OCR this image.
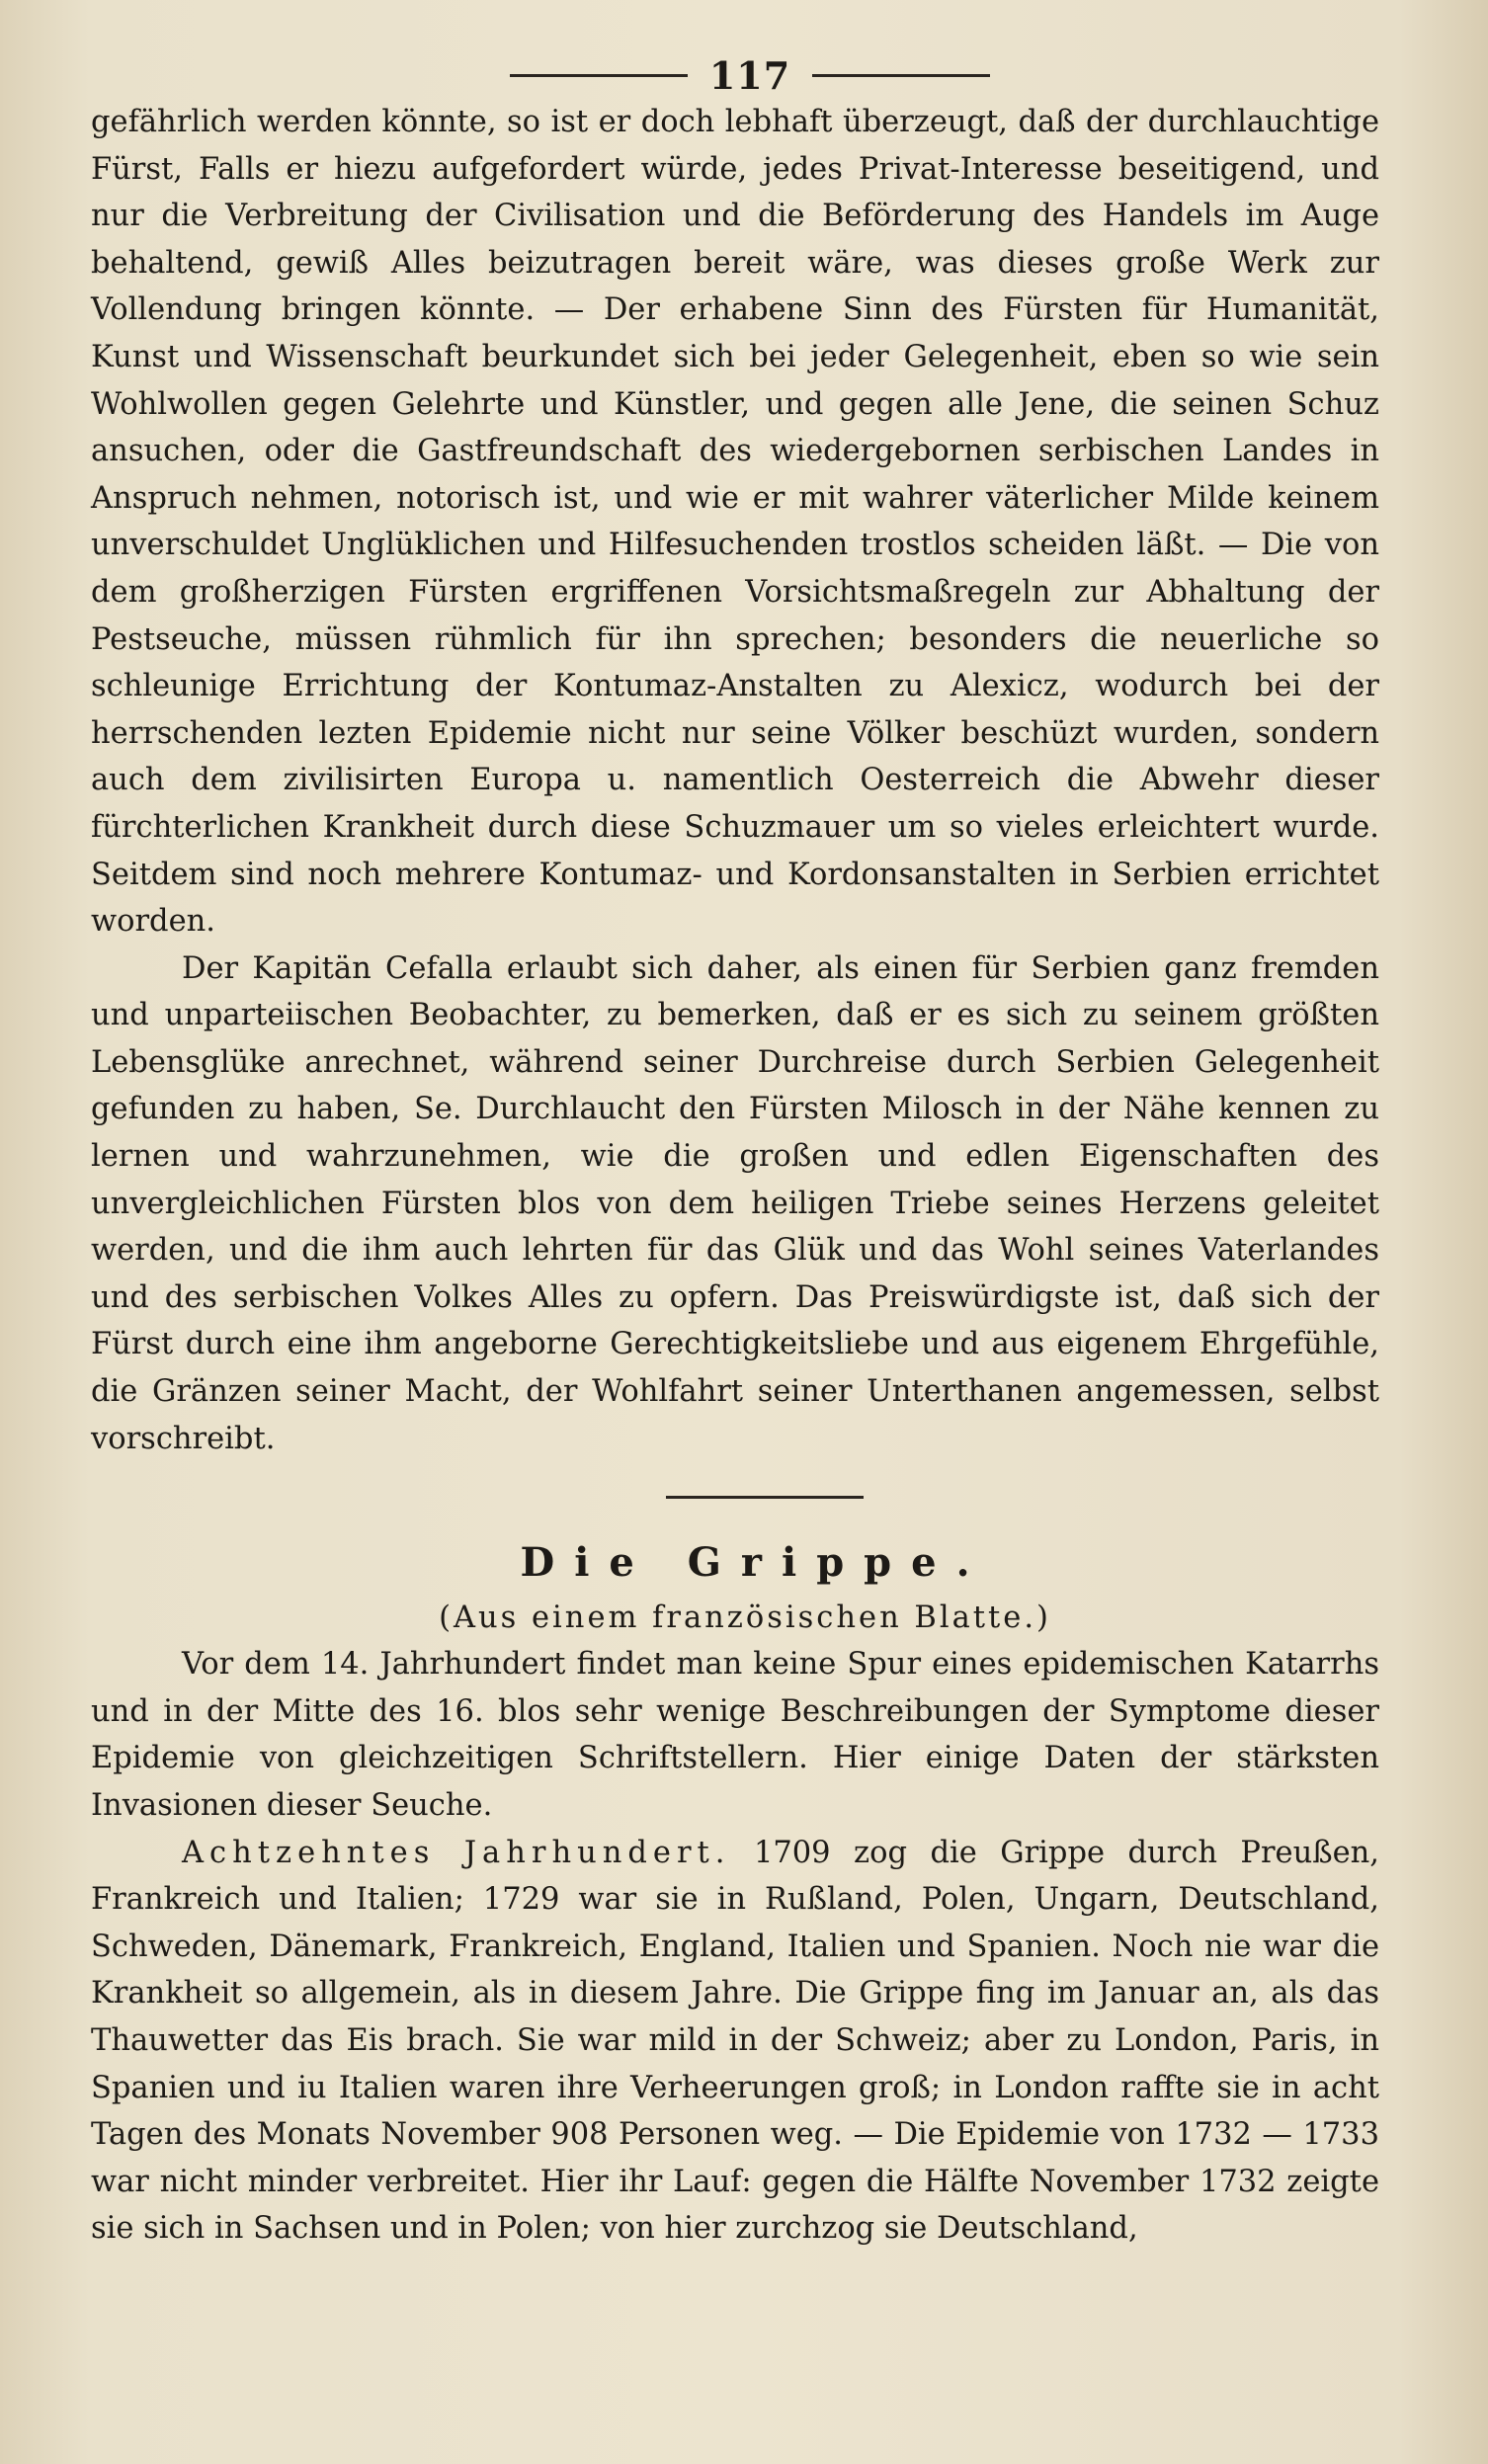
117

gefährlich werden könnte, so ist er doch lebhaft überzeugt, daß der durchlauchtige Fürst, Falls er hiezu aufgefordert würde, jedes Privat-Interesse beseitigend, und nur die Verbreitung der Civilisation und die Beförderung des Handels im Auge behaltend, gewiß Alles beizutragen bereit wäre, was dieses große Werk zur Vollendung bringen könnte. — Der erhabene Sinn des Fürsten für Humanität, Kunst und Wissenschaft beurkundet sich bei jeder Gelegenheit, eben so wie sein Wohlwollen gegen Gelehrte und Künstler, und gegen alle Jene, die seinen Schuz ansuchen, oder die Gastfreundschaft des wiedergebornen serbischen Landes in Anspruch nehmen, notorisch ist, und wie er mit wahrer väterlicher Milde keinem unverschuldet Unglüklichen und Hilfesuchenden trostlos scheiden läßt. — Die von dem großherzigen Fürsten ergriffenen Vorsichtsmaßregeln zur Abhaltung der Pestseuche, müssen rühmlich für ihn sprechen; besonders die neuerliche so schleunige Errichtung der Kontumaz-Anstalten zu Alexicz, wodurch bei der herrschenden lezten Epidemie nicht nur seine Völker beschüzt wurden, sondern auch dem zivilisirten Europa u. namentlich Oesterreich die Abwehr dieser fürchterlichen Krankheit durch diese Schuzmauer um so vieles erleichtert wurde. Seitdem sind noch mehrere Kontumaz- und Kordonsanstalten in Serbien errichtet worden.

Der Kapitän Cefalla erlaubt sich daher, als einen für Serbien ganz fremden und unparteiischen Beobachter, zu bemerken, daß er es sich zu seinem größten Lebensglüke anrechnet, während seiner Durchreise durch Serbien Gelegenheit gefunden zu haben, Se. Durchlaucht den Fürsten Milosch in der Nähe kennen zu lernen und wahrzunehmen, wie die großen und edlen Eigenschaften des unvergleichlichen Fürsten blos von dem heiligen Triebe seines Herzens geleitet werden, und die ihm auch lehrten für das Glük und das Wohl seines Vaterlandes und des serbischen Volkes Alles zu opfern. Das Preiswürdigste ist, daß sich der Fürst durch eine ihm angeborne Gerechtigkeitsliebe und aus eigenem Ehrgefühle, die Gränzen seiner Macht, der Wohlfahrt seiner Unterthanen angemessen, selbst vorschreibt.

Die Grippe.
(Aus einem französischen Blatte.)

Vor dem 14. Jahrhundert findet man keine Spur eines epidemischen Katarrhs und in der Mitte des 16. blos sehr wenige Beschreibungen der Symptome dieser Epidemie von gleichzeitigen Schriftstellern. Hier einige Daten der stärksten Invasionen dieser Seuche.

Achtzehntes Jahrhundert. 1709 zog die Grippe durch Preußen, Frankreich und Italien; 1729 war sie in Rußland, Polen, Ungarn, Deutschland, Schweden, Dänemark, Frankreich, England, Italien und Spanien. Noch nie war die Krankheit so allgemein, als in diesem Jahre. Die Grippe fing im Januar an, als das Thauwetter das Eis brach. Sie war mild in der Schweiz; aber zu London, Paris, in Spanien und iu Italien waren ihre Verheerungen groß; in London raffte sie in acht Tagen des Monats November 908 Personen weg. — Die Epidemie von 1732 — 1733 war nicht minder verbreitet. Hier ihr Lauf: gegen die Hälfte November 1732 zeigte sie sich in Sachsen und in Polen; von hier zurchzog sie Deutschland,
